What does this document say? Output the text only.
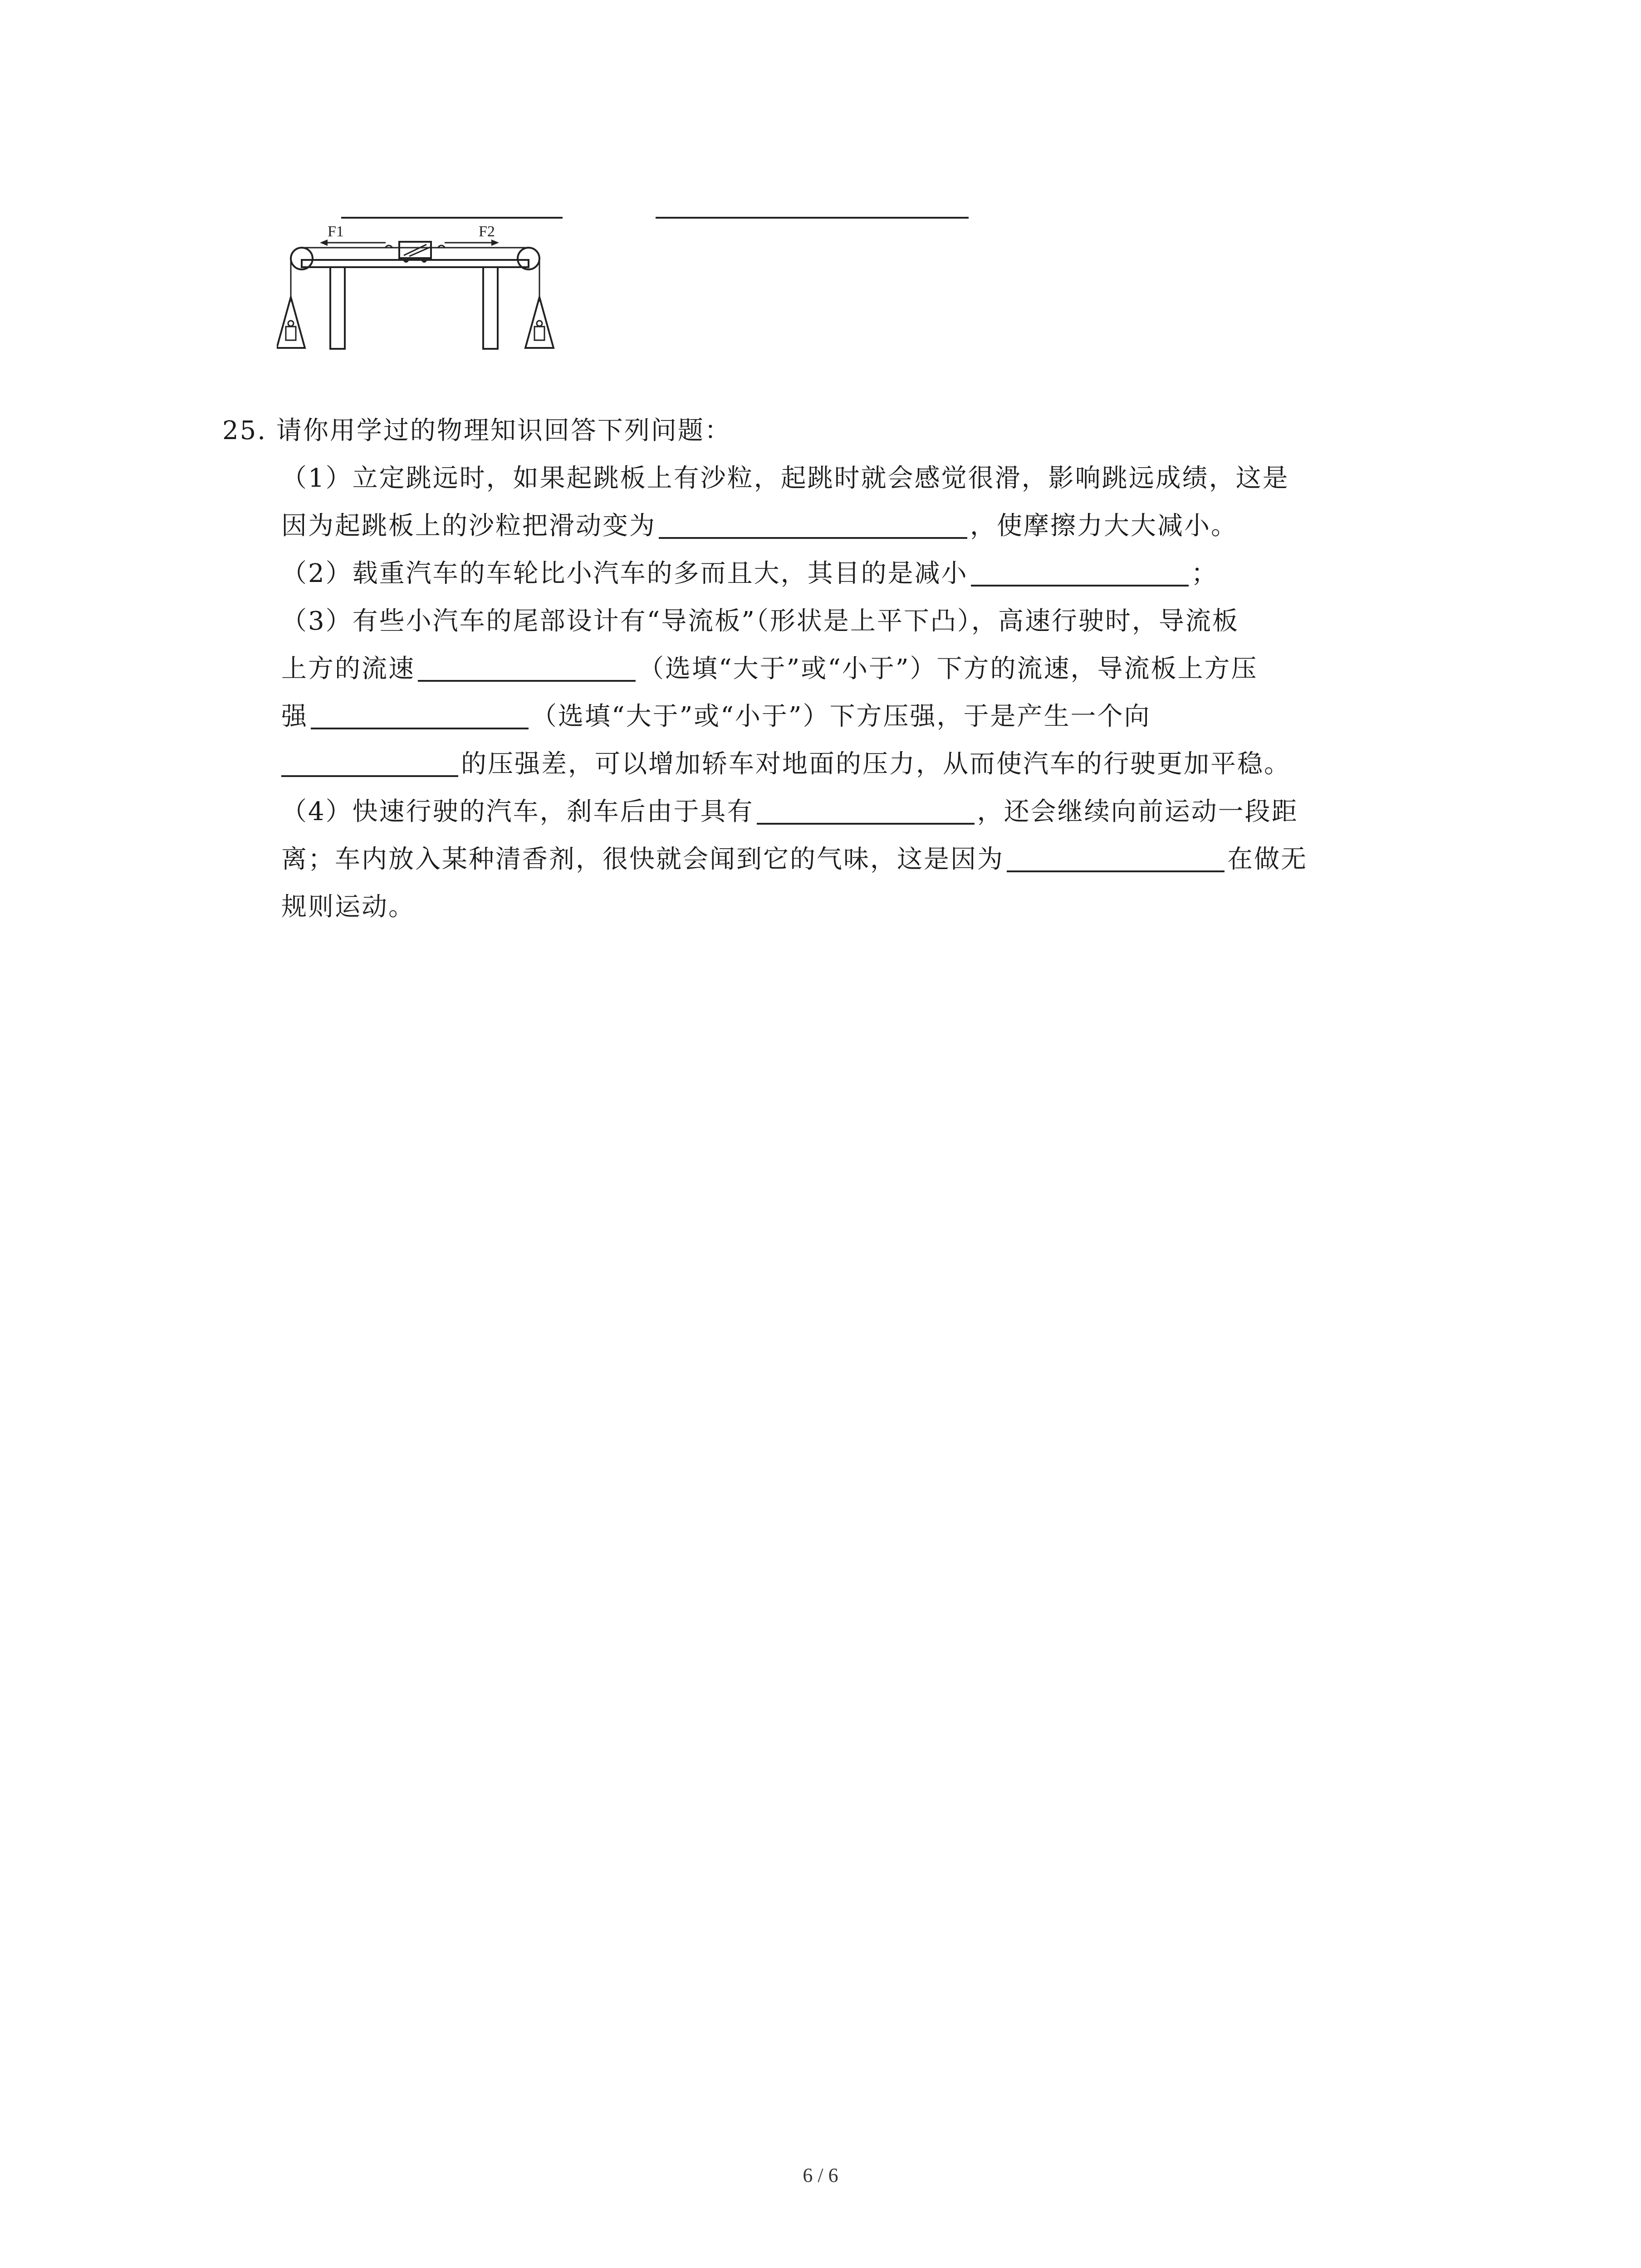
F1	F2
25. 请你用学过的物理知识回答下列问题：
（1）立定跳远时，如果起跳板上有沙粒，起跳时就会感觉很滑，影响跳远成绩，这是
因为起跳板上的沙粒把滑动变为	，使摩擦力大大减小。
（2）载重汽车的车轮比小汽车的多而且大，其目的是减小	；
（3）有些小汽车的尾部设计有“导流板”（形状是上平下凸），高速行驶时，导流板
上方的流速	（选填“大于”或“小于”）下方的流速，导流板上方压
强	（选填“大于”或“小于”）下方压强，于是产生一个向
的压强差，可以增加轿车对地面的压力，从而使汽车的行驶更加平稳。
（4）快速行驶的汽车，刹车后由于具有	，还会继续向前运动一段距
离；车内放入某种清香剂，很快就会闻到它的气味，这是因为	在做无
规则运动。
6 / 6
